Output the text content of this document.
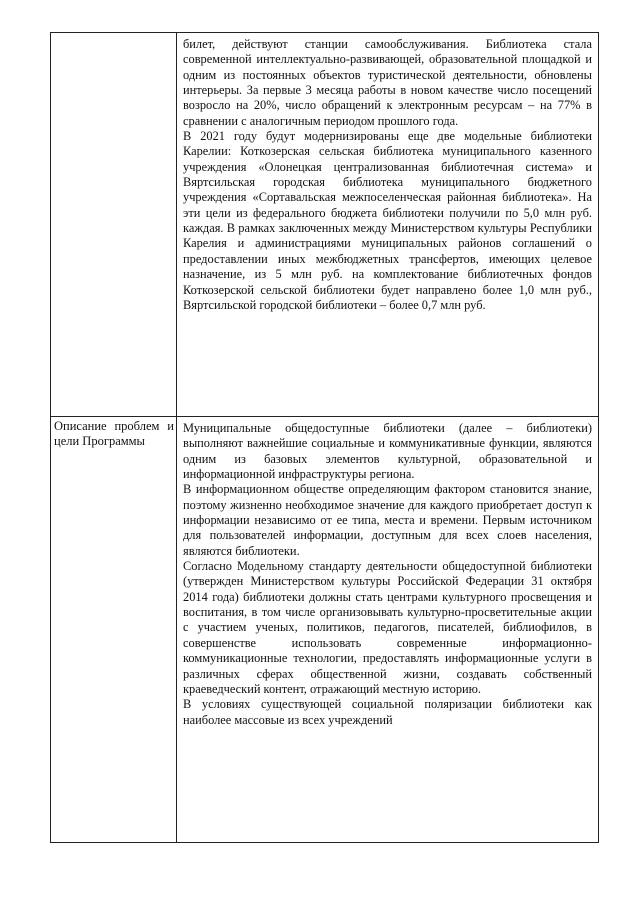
	билет, действуют станции самообслуживания. Библиотека стала современной интеллектуально-развивающей, образовательной площадкой и одним из постоянных объектов туристической деятельности, обновлены интерьеры. За первые 3 месяца работы в новом качестве число посещений возросло на 20%, число обращений к электронным ресурсам – на 77% в сравнении с аналогичным периодом прошлого года.

В 2021 году будут модернизированы еще две модельные библиотеки Карелии: Коткозерская сельская библиотека муниципального казенного учреждения «Олонецкая централизованная библиотечная система» и Вяртсильская городская библиотека муниципального бюджетного учреждения «Сортавальская межпоселенческая районная библиотека». На эти цели из федерального бюджета библиотеки получили по 5,0 млн руб. каждая. В рамках заключенных между Министерством культуры Республики Карелия и администрациями муниципальных районов соглашений о предоставлении иных межбюджетных трансфертов, имеющих целевое назначение, из 5 млн руб. на комплектование библиотечных фондов Коткозерской сельской библиотеки будет направлено более 1,0 млн руб., Вяртсильской городской библиотеки – более 0,7 млн руб.

Описание проблем и цели Программы	Муниципальные общедоступные библиотеки (далее – библиотеки) выполняют важнейшие социальные и коммуникативные функции, являются одним из базовых элементов культурной, образовательной и информационной инфраструктуры региона.

В информационном обществе определяющим фактором становится знание, поэтому жизненно необходимое значение для каждого приобретает доступ к информации независимо от ее типа, места и времени. Первым источником для пользователей информации, доступным для всех слоев населения, являются библиотеки.

Согласно Модельному стандарту деятельности общедоступной библиотеки (утвержден Министерством культуры Российской Федерации 31 октября 2014 года) библиотеки должны стать центрами культурного просвещения и воспитания, в том числе организовывать культурно-просветительные акции с участием ученых, политиков, педагогов, писателей, библиофилов, в совершенстве использовать современные информационно-коммуникационные технологии, предоставлять информационные услуги в различных сферах общественной жизни, создавать собственный краеведческий контент, отражающий местную историю.

В условиях существующей социальной поляризации библиотеки как наиболее массовые из всех учреждений
